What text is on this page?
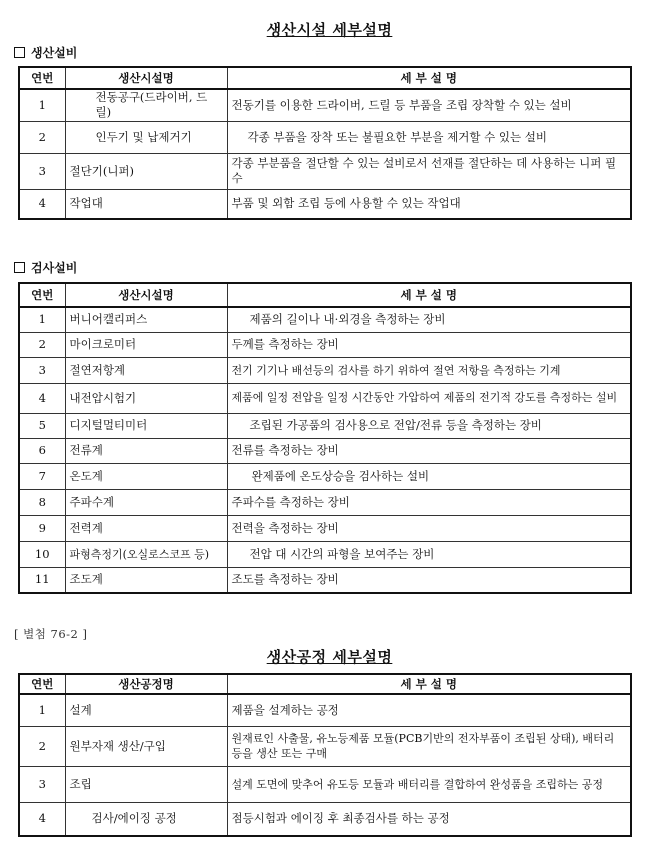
생산시설 세부설명
생산설비
연번	생산시설명	세 부 설 명
1	전동공구(드라이버, 드릴)	전동기를 이용한 드라이버, 드릴 등 부품을 조립 장착할 수 있는 설비
2	인두기 및 납제거기	각종 부품을 장착 또는 불필요한 부분을 제거할 수 있는 설비
3	절단기(니퍼)	각종 부분품을 절단할 수 있는 설비로서 선재를 절단하는 데 사용하는 니퍼 필수
4	작업대	부품 및 외함 조립 등에 사용할 수 있는 작업대
검사설비
연번	생산시설명	세 부 설 명
1	버니어캘리퍼스	제품의 길이나 내·외경을 측정하는 장비
2	마이크로미터	두께를 측정하는 장비
3	절연저항계	전기 기기나 배선등의 검사를 하기 위하여 절연 저항을 측정하는 기계
4	내전압시험기	제품에 일정 전압을 일정 시간동안 가압하여 제품의 전기적 강도를 측정하는 설비
5	디지털멀티미터	조립된 가공품의 검사용으로 전압/전류 등을 측정하는 장비
6	전류계	전류를 측정하는 장비
7	온도계	완제품에 온도상승을 검사하는 설비
8	주파수계	주파수를 측정하는 장비
9	전력계	전력을 측정하는 장비
10	파형측정기(오실로스코프 등)	전압 대 시간의 파형을 보여주는 장비
11	조도계	조도를 측정하는 장비
[ 별첨 76-2 ]
생산공정 세부설명
연번	생산공정명	세 부 설 명
1	설계	제품을 설계하는 공정
2	원부자재 생산/구입	원재료인 사출물, 유노등제품 모듈(PCB기반의 전자부품이 조립된 상태), 배터리 등을 생산 또는 구매
3	조립	설계 도면에 맞추어 유도등 모듈과 배터리를 결합하여 완성품을 조립하는 공정
4	검사/에이징 공정	점등시험과 에이징 후 최종검사를 하는 공정
